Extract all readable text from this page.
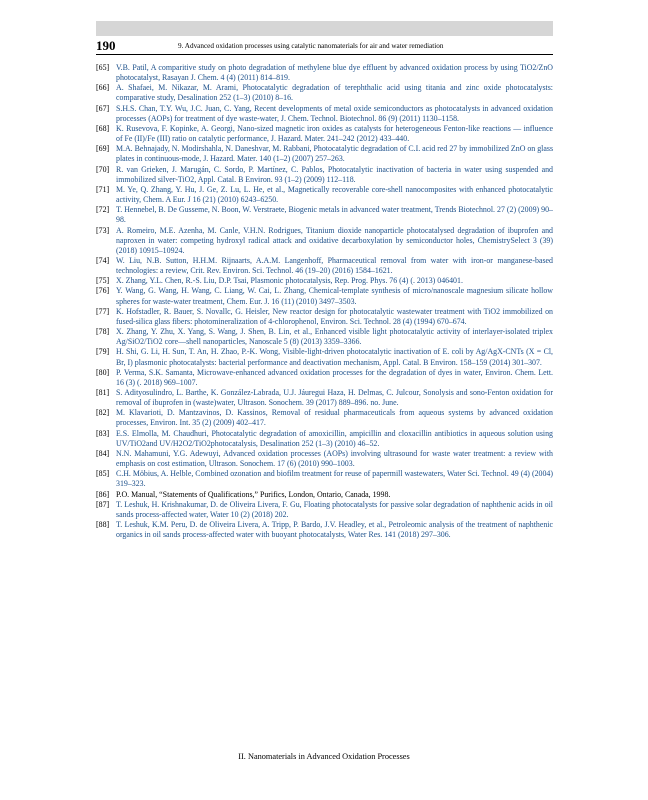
190	9. Advanced oxidation processes using catalytic nanomaterials for air and water remediation
[65] V.B. Patil, A comparitive study on photo degradation of methylene blue dye effluent by advanced oxidation process by using TiO2/ZnO photocatalyst, Rasayan J. Chem. 4 (4) (2011) 814–819.
[66] A. Shafaei, M. Nikazar, M. Arami, Photocatalytic degradation of terephthalic acid using titania and zinc oxide photocatalysts: comparative study, Desalination 252 (1–3) (2010) 8–16.
[67] S.H.S. Chan, T.Y. Wu, J.C. Juan, C. Yang, Recent developments of metal oxide semiconductors as photocatalysts in advanced oxidation processes (AOPs) for treatment of dye waste-water, J. Chem. Technol. Biotechnol. 86 (9) (2011) 1130–1158.
[68] K. Rusevova, F. Kopinke, A. Georgi, Nano-sized magnetic iron oxides as catalysts for heterogeneous Fenton-like reactions — influence of Fe (II)/Fe (III) ratio on catalytic performance, J. Hazard. Mater. 241–242 (2012) 433–440.
[69] M.A. Behnajady, N. Modirshahla, N. Daneshvar, M. Rabbani, Photocatalytic degradation of C.I. acid red 27 by immobilized ZnO on glass plates in continuous-mode, J. Hazard. Mater. 140 (1–2) (2007) 257–263.
[70] R. van Grieken, J. Marugán, C. Sordo, P. Martínez, C. Pablos, Photocatalytic inactivation of bacteria in water using suspended and immobilized silver-TiO2, Appl. Catal. B Environ. 93 (1–2) (2009) 112–118.
[71] M. Ye, Q. Zhang, Y. Hu, J. Ge, Z. Lu, L. He, et al., Magnetically recoverable core-shell nanocomposites with enhanced photocatalytic activity, Chem. A Eur. J 16 (21) (2010) 6243–6250.
[72] T. Hennebel, B. De Gusseme, N. Boon, W. Verstraete, Biogenic metals in advanced water treatment, Trends Biotechnol. 27 (2) (2009) 90–98.
[73] A. Romeiro, M.E. Azenha, M. Canle, V.H.N. Rodrigues, Titanium dioxide nanoparticle photocatalysed degradation of ibuprofen and naproxen in water: competing hydroxyl radical attack and oxidative decarboxylation by semiconductor holes, ChemistrySelect 3 (39) (2018) 10915–10924.
[74] W. Liu, N.B. Sutton, H.H.M. Rijnaarts, A.A.M. Langenhoff, Pharmaceutical removal from water with iron-or manganese-based technologies: a review, Crit. Rev. Environ. Sci. Technol. 46 (19–20) (2016) 1584–1621.
[75] X. Zhang, Y.L. Chen, R.-S. Liu, D.P. Tsai, Plasmonic photocatalysis, Rep. Prog. Phys. 76 (4) (. 2013) 046401.
[76] Y. Wang, G. Wang, H. Wang, C. Liang, W. Cai, L. Zhang, Chemical-template synthesis of micro/nanoscale magnesium silicate hollow spheres for waste-water treatment, Chem. Eur. J. 16 (11) (2010) 3497–3503.
[77] K. Hofstadler, R. Bauer, S. Novallc, G. Heisler, New reactor design for photocatalytic wastewater treatment with TiO2 immobilized on fused-silica glass fibers: photomineralization of 4-chlorophenol, Environ. Sci. Technol. 28 (4) (1994) 670–674.
[78] X. Zhang, Y. Zhu, X. Yang, S. Wang, J. Shen, B. Lin, et al., Enhanced visible light photocatalytic activity of interlayer-isolated triplex Ag/SiO2/TiO2 core—shell nanoparticles, Nanoscale 5 (8) (2013) 3359–3366.
[79] H. Shi, G. Li, H. Sun, T. An, H. Zhao, P.-K. Wong, Visible-light-driven photocatalytic inactivation of E. coli by Ag/AgX-CNTs (X = Cl, Br, I) plasmonic photocatalysts: bacterial performance and deactivation mechanism, Appl. Catal. B Environ. 158–159 (2014) 301–307.
[80] P. Verma, S.K. Samanta, Microwave-enhanced advanced oxidation processes for the degradation of dyes in water, Environ. Chem. Lett. 16 (3) (. 2018) 969–1007.
[81] S. Adityosulindro, L. Barthe, K. González-Labrada, U.J. Jáuregui Haza, H. Delmas, C. Julcour, Sonolysis and sono-Fenton oxidation for removal of ibuprofen in (waste)water, Ultrason. Sonochem. 39 (2017) 889–896. no. June.
[82] M. Klavarioti, D. Mantzavinos, D. Kassinos, Removal of residual pharmaceuticals from aqueous systems by advanced oxidation processes, Environ. Int. 35 (2) (2009) 402–417.
[83] E.S. Elmolla, M. Chaudhuri, Photocatalytic degradation of amoxicillin, ampicillin and cloxacillin antibiotics in aqueous solution using UV/TiO2and UV/H2O2/TiO2photocatalysis, Desalination 252 (1–3) (2010) 46–52.
[84] N.N. Mahamuni, Y.G. Adewuyi, Advanced oxidation processes (AOPs) involving ultrasound for waste water treatment: a review with emphasis on cost estimation, Ultrason. Sonochem. 17 (6) (2010) 990–1003.
[85] C.H. Möbius, A. Helble, Combined ozonation and biofilm treatment for reuse of papermill wastewaters, Water Sci. Technol. 49 (4) (2004) 319–323.
[86] P.O. Manual, “Statements of Qualifications,” Purifics, London, Ontario, Canada, 1998.
[87] T. Leshuk, H. Krishnakumar, D. de Oliveira Livera, F. Gu, Floating photocatalysts for passive solar degradation of naphthenic acids in oil sands process-affected water, Water 10 (2) (2018) 202.
[88] T. Leshuk, K.M. Peru, D. de Oliveira Livera, A. Tripp, P. Bardo, J.V. Headley, et al., Petroleomic analysis of the treatment of naphthenic organics in oil sands process-affected water with buoyant photocatalysts, Water Res. 141 (2018) 297–306.
II. Nanomaterials in Advanced Oxidation Processes
